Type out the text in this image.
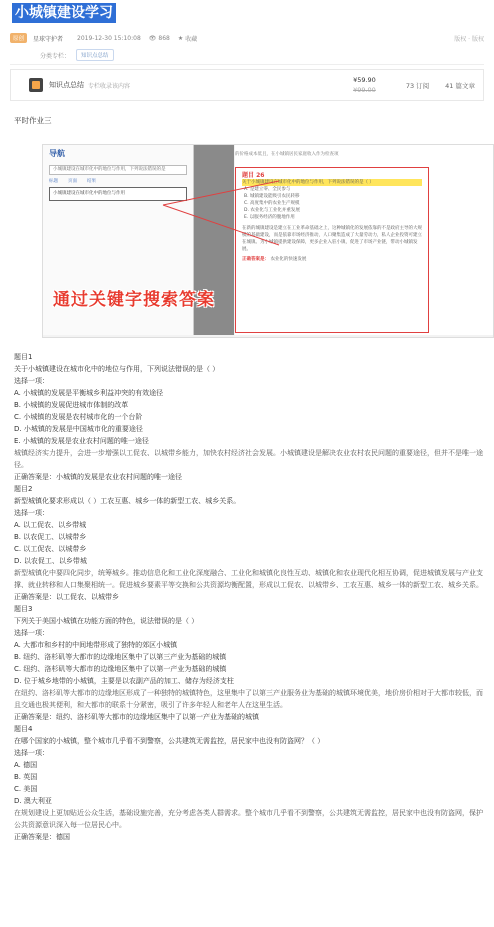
小城镇建设学习
原创	星球守护者 2019-12-30 15:10:08 👁 868 ★ 收藏	版权 · 版权
分类专栏：	知识点总结
知识点总结 专栏收录该内容
¥59.90
¥99.00
73 订阅 41 篇文章
平时作业三
导航
小城镇建设在城市化中的地位与作用，下列说法错误的是
标题 页面 结果
小城镇建设在城市化中的地位与作用
的价格成本低且，在小城镇居民家庭收入作为检查项
题目 26
关于小城镇建设在城市化中的地位与作用，下列说法错误的是（ ）
A. 是建立零、全民参与
B. 城镇建设能吸引农民转移
C. 高度集中的农业生产规模
D. 农业化与工业化并重发展
E. 以服务经济的腹地作用
在新的城镇建设是建立在工业革命基础之上，这种城镇化的发展依靠的不是政府主导的大规模的基础建设，而是依靠市场经济推动，人口聚集造成了大量劳动力，私人企业投资可建立在城镇。为小城镇提供建设保障，更多企业入驻小镇，促进了市场产业链，带动小城镇发展。
正确答案是： 农业化的快速发展
通过关键字搜索答案

题目1

关于小城镇建设在城市化中的地位与作用，下列说法错误的是（ ）

选择一项：

A. 小城镇的发展是平衡城乡利益冲突的有效途径

B. 小城镇的发展促进城市体制的改革

C. 小城镇的发展是农村城市化的一个台阶

D. 小城镇的发展是中国城市化的重要途径

E. 小城镇的发展是农业农村问题的唯一途径

城镇经济实力提升，会进一步增强以工促农、以城带乡能力，加快农村经济社会发展。小城镇建设是解决农业农村农民问题的重要途径，但并不是唯一途径。

正确答案是：小城镇的发展是农业农村问题的唯一途径

题目2

新型城镇化要求形成以（ ）工农互惠、城乡一体的新型工农、城乡关系。

选择一项：

A. 以工促农、以乡带城

B. 以农促工、以城带乡

C. 以工促农、以城带乡

D. 以农促工、以乡带城

新型城镇化中要四化同步，统筹城乡。推动信息化和工业化深度融合、工业化和城镇化良性互动、城镇化和农业现代化相互协调，促进城镇发展与产业支撑、就业转移和人口集聚相统一。促进城乡要素平等交换和公共资源均衡配置，形成以工促农、以城带乡、工农互惠、城乡一体的新型工农、城乡关系。

正确答案是：以工促农、以城带乡

题目3

下列关于美国小城镇在功能方面的特色，说法错误的是（ ）

选择一项：

A. 大都市和乡村的中间地带形成了独特的郊区小城镇

B. 纽约、洛杉矶等大都市的边缘地区集中了以第三产业为基础的城镇

C. 纽约、洛杉矶等大都市的边缘地区集中了以第一产业为基础的城镇

D. 位于城乡地带的小城镇，主要是以农副产品的加工、储存为经济支柱

在纽约、洛杉矶等大都市的边缘地区形成了一种独特的城镇特色，这里集中了以第三产业服务业为基础的城镇环境优美，地价房价相对于大都市较低，而且交通也极其便利，和大都市的联系十分紧密，吸引了许多年轻人和老年人在这里生活。

正确答案是：纽约、洛杉矶等大都市的边缘地区集中了以第一产业为基础的城镇

题目4

在哪个国家的小城镇，整个城市几乎看不到警察，公共建筑无需监控，居民家中也没有防盗网？（ ）

选择一项：

A. 德国

B. 英国

C. 美国

D. 澳大利亚

在规划建设上更加贴近公众生活，基础设施完善，充分考虑各类人群需求。整个城市几乎看不到警察，公共建筑无需监控，居民家中也没有防盗网，保护公共资源意识深入每一位居民心中。

正确答案是：德国
